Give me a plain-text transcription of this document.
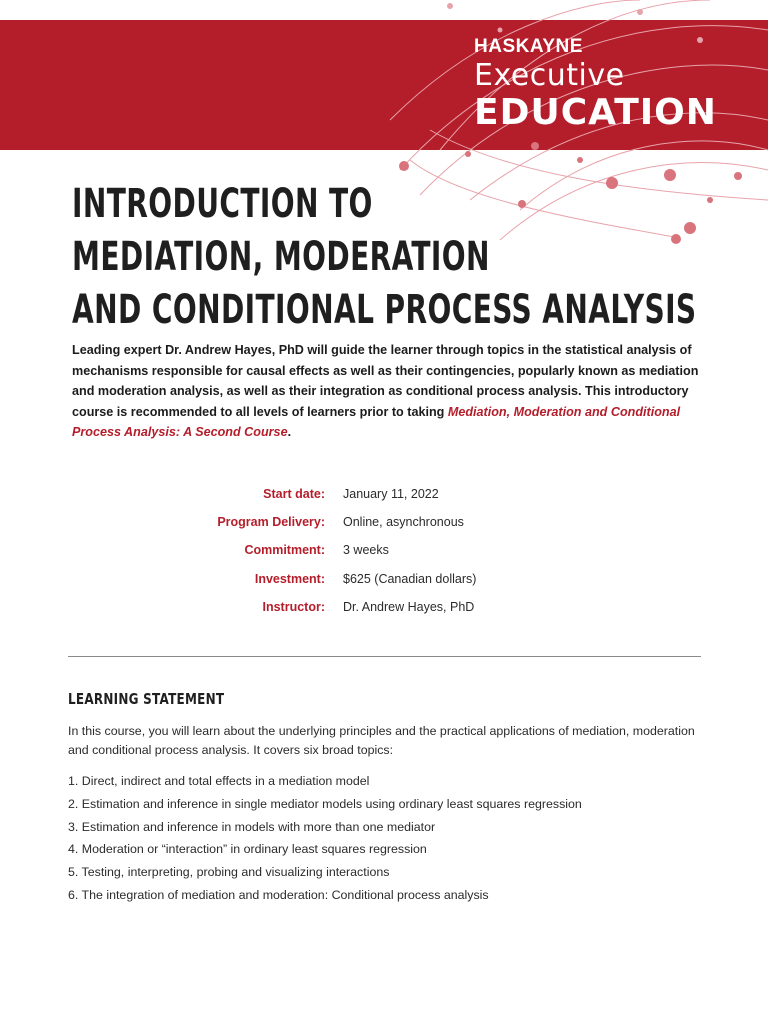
HASKAYNE
Executive
EDUCATION
INTRODUCTION TO
MEDIATION, MODERATION
AND CONDITIONAL PROCESS ANALYSIS

Leading expert Dr. Andrew Hayes, PhD will guide the learner through topics in the statistical analysis of mechanisms responsible for causal effects as well as their contingencies, popularly known as mediation and moderation analysis, as well as their integration as conditional process analysis. This introductory course is recommended to all levels of learners prior to taking Mediation, Moderation and Conditional Process Analysis: A Second Course.

Start date:	January 11, 2022
Program Delivery:	Online, asynchronous
Commitment:	3 weeks
Investment:	$625 (Canadian dollars)
Instructor:	Dr. Andrew Hayes, PhD
LEARNING STATEMENT

In this course, you will learn about the underlying principles and the practical applications of mediation, moderation and conditional process analysis. It covers six broad topics:

1. Direct, indirect and total effects in a mediation model
2. Estimation and inference in single mediator models using ordinary least squares regression
3. Estimation and inference in models with more than one mediator
4. Moderation or “interaction” in ordinary least squares regression
5. Testing, interpreting, probing and visualizing interactions
6. The integration of mediation and moderation: Conditional process analysis
